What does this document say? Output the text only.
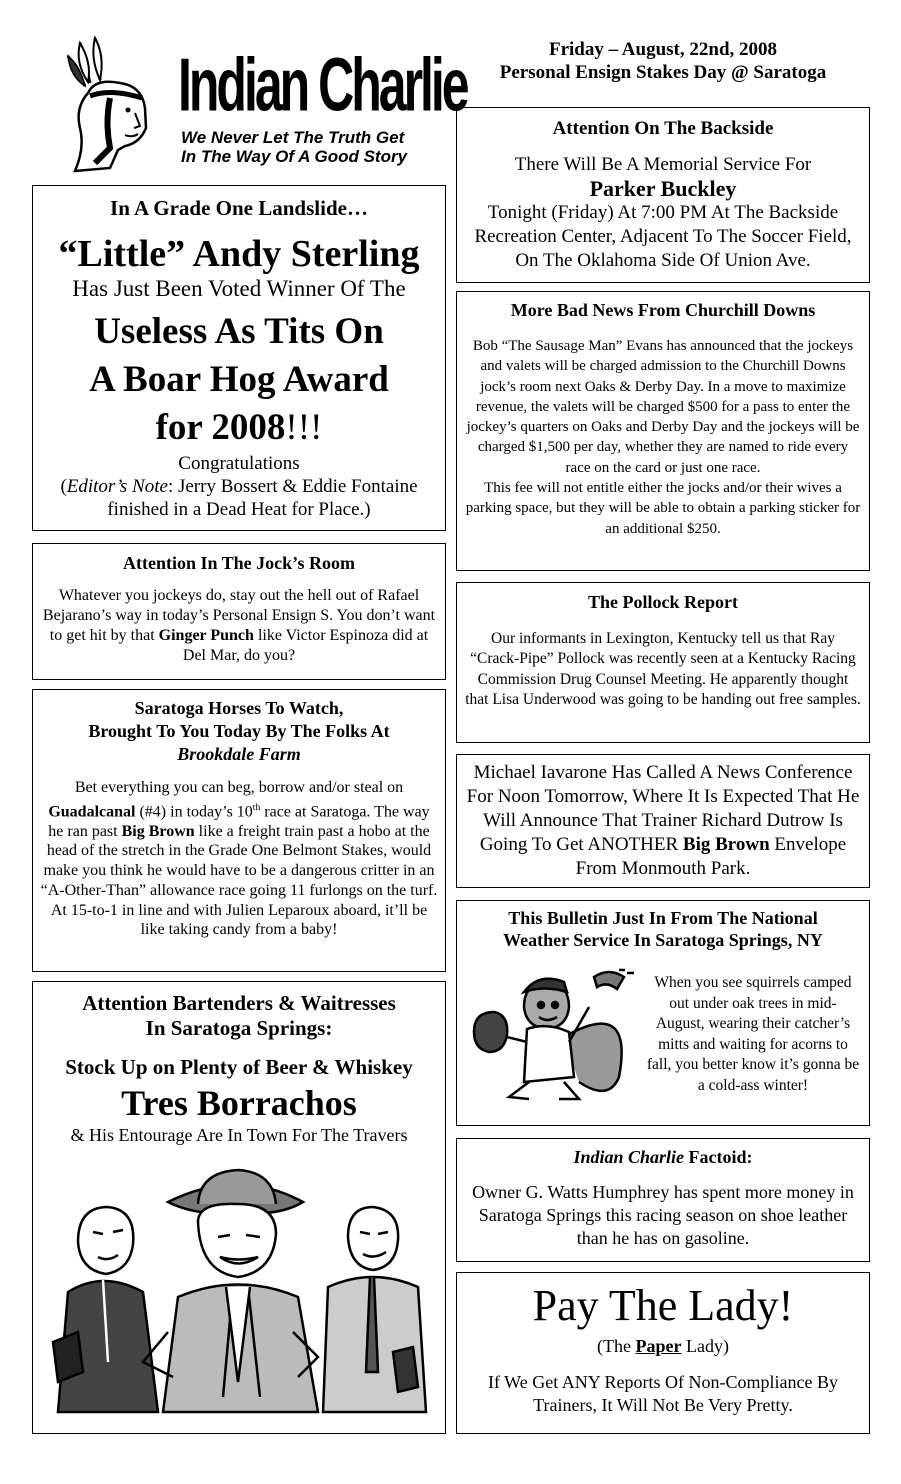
Indian Charlie
We Never Let The Truth Get
In The Way Of A Good Story
Friday – August, 22nd, 2008
Personal Ensign Stakes Day @ Saratoga
In A Grade One Landslide…
“Little” Andy Sterling
Has Just Been Voted Winner Of The
Useless As Tits On
A Boar Hog Award
for 2008!!!
Congratulations
(Editor’s Note: Jerry Bossert & Eddie Fontaine finished in a Dead Heat for Place.)
Attention In The Jock’s Room
Whatever you jockeys do, stay out the hell out of Rafael Bejarano’s way in today’s Personal Ensign S. You don’t want to get hit by that Ginger Punch like Victor Espinoza did at Del Mar, do you?
Saratoga Horses To Watch,
Brought To You Today By The Folks At
Brookdale Farm
Bet everything you can beg, borrow and/or steal on Guadalcanal (#4) in today’s 10th race at Saratoga. The way he ran past Big Brown like a freight train past a hobo at the head of the stretch in the Grade One Belmont Stakes, would make you think he would have to be a dangerous critter in an “A-Other-Than” allowance race going 11 furlongs on the turf.
At 15-to-1 in line and with Julien Leparoux aboard, it’ll be like taking candy from a baby!
Attention Bartenders & Waitresses
In Saratoga Springs:
Stock Up on Plenty of Beer & Whiskey
Tres Borrachos
& His Entourage Are In Town For The Travers
Attention On The Backside
There Will Be A Memorial Service For
Parker Buckley
Tonight (Friday) At 7:00 PM At The Backside Recreation Center, Adjacent To The Soccer Field, On The Oklahoma Side Of Union Ave.
More Bad News From Churchill Downs
Bob “The Sausage Man” Evans has announced that the jockeys and valets will be charged admission to the Churchill Downs jock’s room next Oaks & Derby Day. In a move to maximize revenue, the valets will be charged $500 for a pass to enter the jockey’s quarters on Oaks and Derby Day and the jockeys will be charged $1,500 per day, whether they are named to ride every race on the card or just one race.
This fee will not entitle either the jocks and/or their wives a parking space, but they will be able to obtain a parking sticker for an additional $250.
The Pollock Report
Our informants in Lexington, Kentucky tell us that Ray “Crack-Pipe” Pollock was recently seen at a Kentucky Racing Commission Drug Counsel Meeting. He apparently thought that Lisa Underwood was going to be handing out free samples.
Michael Iavarone Has Called A News Conference For Noon Tomorrow, Where It Is Expected That He Will Announce That Trainer Richard Dutrow Is Going To Get ANOTHER Big Brown Envelope From Monmouth Park.
This Bulletin Just In From The National
Weather Service In Saratoga Springs, NY
When you see squirrels camped out under oak trees in mid-August, wearing their catcher’s mitts and waiting for acorns to fall, you better know it’s gonna be a cold-ass winter!
Indian Charlie Factoid:
Owner G. Watts Humphrey has spent more money in Saratoga Springs this racing season on shoe leather than he has on gasoline.
Pay The Lady!
(The Paper Lady)
If We Get ANY Reports Of Non-Compliance By Trainers, It Will Not Be Very Pretty.
